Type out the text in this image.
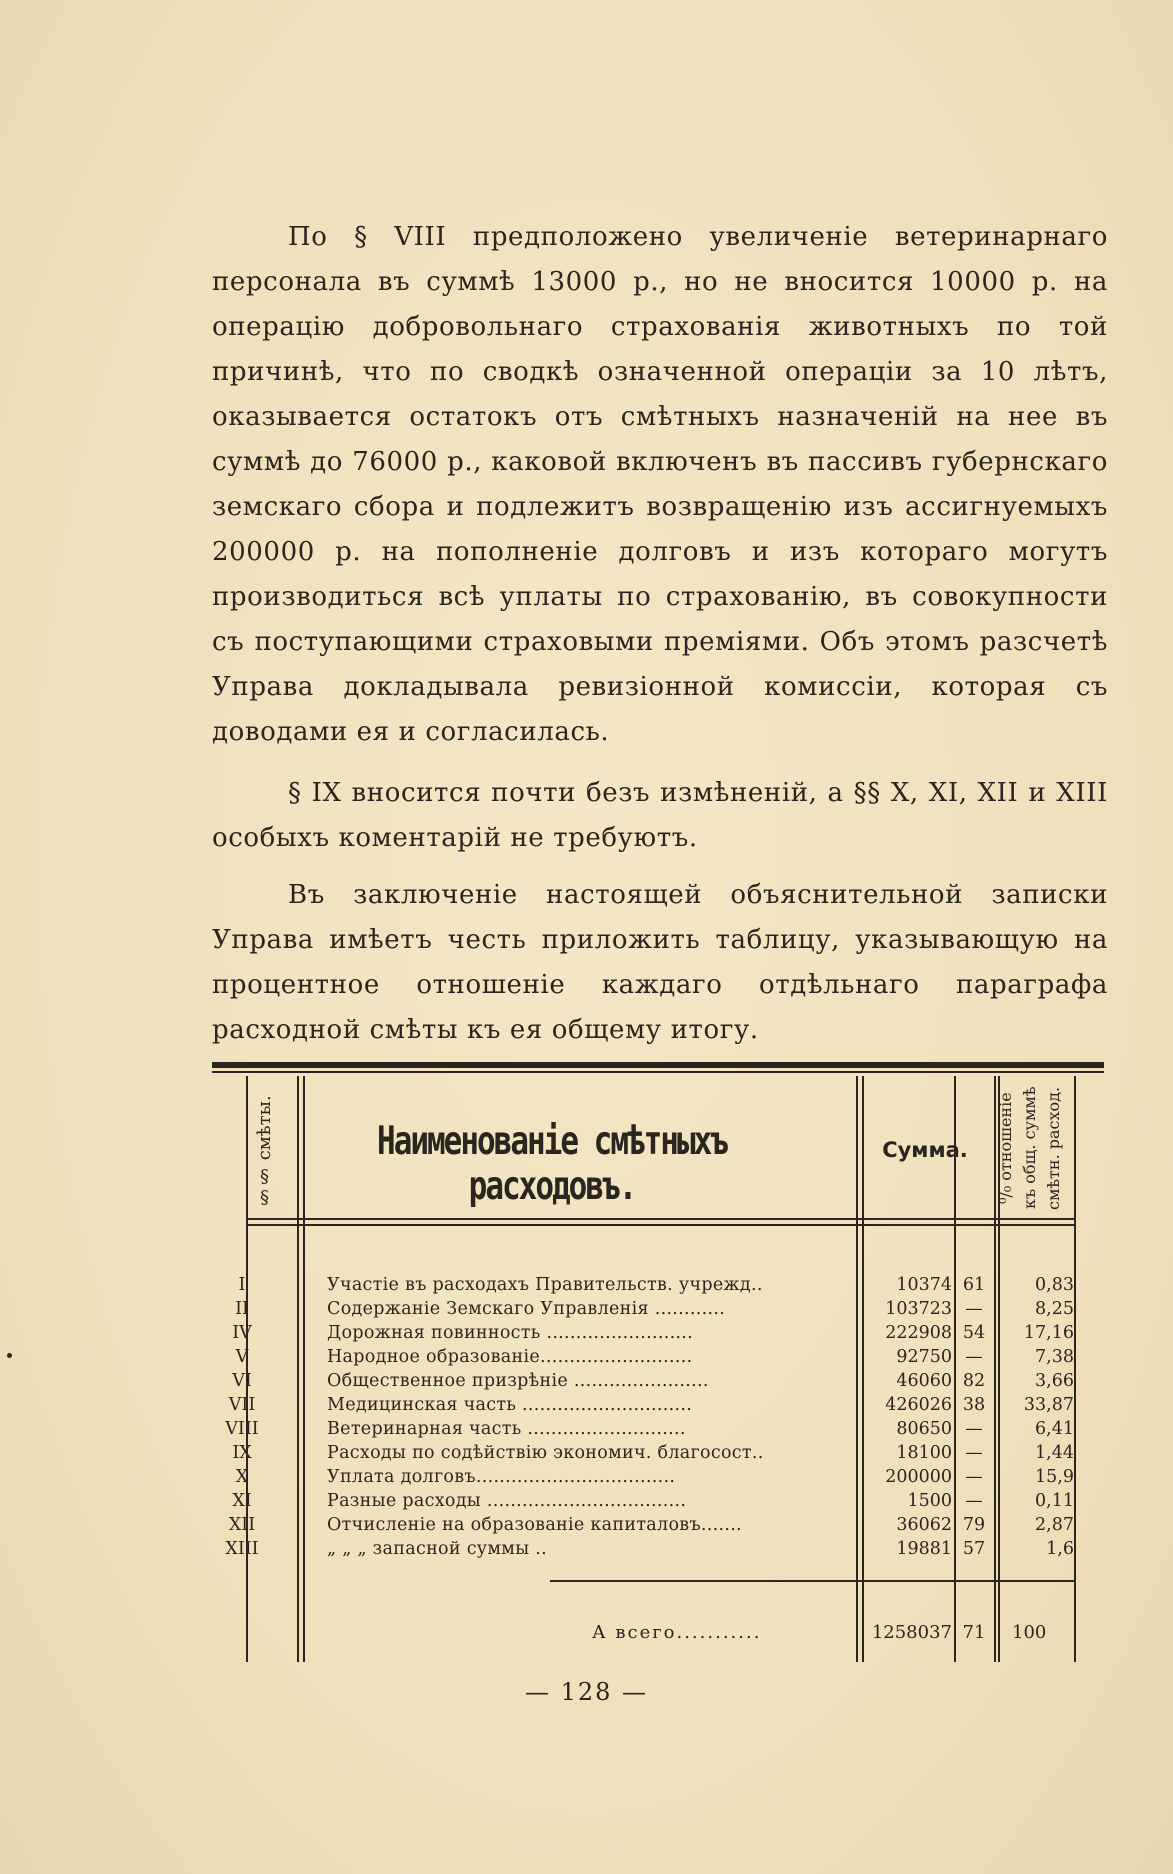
По § VIII предположено увеличеніе ветеринарнаго персонала въ суммѣ 13000 р., но не вносится 10000 р. на операцію добровольнаго страхованія животныхъ по той причинѣ, что по сводкѣ означенной операціи за 10 лѣтъ, оказывается остатокъ отъ смѣтныхъ назначеній на нее въ суммѣ до 76000 р., каковой включенъ въ пассивъ губернскаго земскаго сбора и подлежитъ возвращенію изъ ассигнуемыхъ 200000 р. на пополненіе долговъ и изъ котораго могутъ производиться всѣ уплаты по страхованію, въ совокупности съ поступающими страховыми преміями. Объ этомъ разсчетѣ Управа докладывала ревизіонной комиссіи, которая съ доводами ея и согласилась.

§ IX вносится почти безъ измѣненій, а §§ X, XI, XII и XIII особыхъ коментарій не требуютъ.

Въ заключеніе настоящей объяснительной записки Управа имѣетъ честь приложить таблицу, указывающую на процентное отношеніе каждаго отдѣльнаго параграфа расходной смѣты къ ея общему итогу.

§§ смѣты.	Наименованіе смѣтныхъ расходовъ.
Сумма.	⁰/₀ отношеніе къ общ. суммѣ смѣтн. расход.
I	Участіе въ расходахъ Правительств. учрежд..	10374 61	0,83
II	Содержаніе Земскаго Управленія ............	103723 —	8,25
IV	Дорожная повинность .........................	222908 54	17,16
V	Народное образованіе..........................	92750 —	7,38
VI	Общественное призрѣніе .......................	46060 82	3,66
VII	Медицинская часть .............................	426026 38	33,87
VIII	Ветеринарная часть ...........................	80650 —	6,41
IX	Расходы по содѣйствію экономич. благосост..	18100 —	1,44
X	Уплата долговъ..................................	200000 —	15,9
XI	Разные расходы ..................................	1500 —	0,11
XII	Отчисленіе на образованіе капиталовъ.......	36062 79	2,87
XIII	„ „ „ запасной суммы ..	19881 57	1,6
А всего...........	1258037 71	100
— 128 —
